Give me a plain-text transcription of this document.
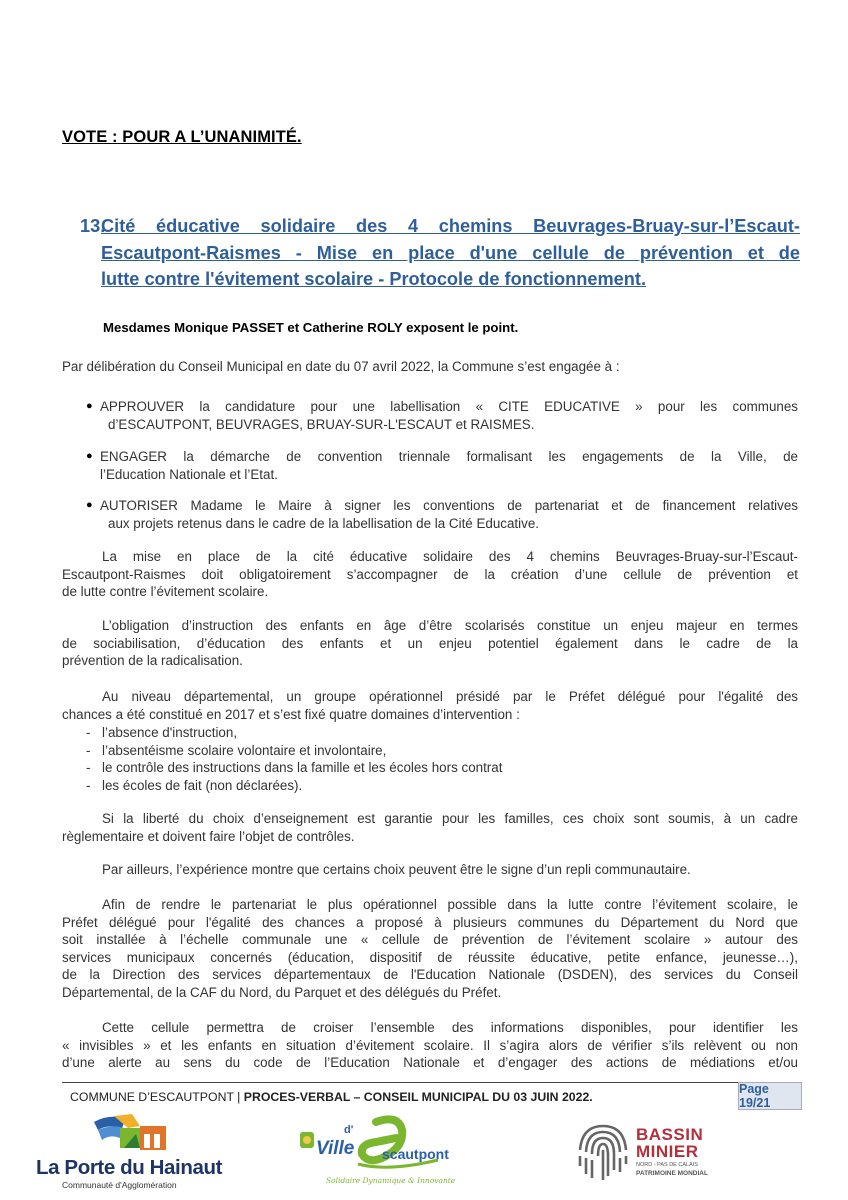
VOTE : POUR A L’UNANIMITÉ.
13.
Cité éducative solidaire des 4 chemins Beuvrages-Bruay-sur-l’Escaut-
Escautpont-Raismes - Mise en place d'une cellule de prévention et de
lutte contre l'évitement scolaire - Protocole de fonctionnement.
Mesdames Monique PASSET et Catherine ROLY exposent le point.
Par délibération du Conseil Municipal en date du 07 avril 2022, la Commune s’est engagée à :
● APPROUVER la candidature pour une labellisation « CITE EDUCATIVE » pour les communes
d’ESCAUTPONT, BEUVRAGES, BRUAY-SUR-L'ESCAUT et RAISMES.
● ENGAGER la démarche de convention triennale formalisant les engagements de la Ville, de
l’Education Nationale et l’Etat.
● AUTORISER Madame le Maire à signer les conventions de partenariat et de financement relatives
aux projets retenus dans le cadre de la labellisation de la Cité Educative.
La mise en place de la cité éducative solidaire des 4 chemins Beuvrages-Bruay-sur-l’Escaut-
Escautpont-Raismes doit obligatoirement s’accompagner de la création d’une cellule de prévention et
de lutte contre l’évitement scolaire.
L’obligation d’instruction des enfants en âge d’être scolarisés constitue un enjeu majeur en termes
de sociabilisation, d’éducation des enfants et un enjeu potentiel également dans le cadre de la
prévention de la radicalisation.
Au niveau départemental, un groupe opérationnel présidé par le Préfet délégué pour l'égalité des
chances a été constitué en 2017 et s’est fixé quatre domaines d’intervention :
- l’absence d'instruction,
- l’absentéisme scolaire volontaire et involontaire,
- le contrôle des instructions dans la famille et les écoles hors contrat
- les écoles de fait (non déclarées).
Si la liberté du choix d’enseignement est garantie pour les familles, ces choix sont soumis, à un cadre
règlementaire et doivent faire l’objet de contrôles.
Par ailleurs, l’expérience montre que certains choix peuvent être le signe d’un repli communautaire.
Afin de rendre le partenariat le plus opérationnel possible dans la lutte contre l’évitement scolaire, le
Préfet délégué pour l'égalité des chances a proposé à plusieurs communes du Département du Nord que
soit installée à l’échelle communale une « cellule de prévention de l’évitement scolaire » autour des
services municipaux concernés (éducation, dispositif de réussite éducative, petite enfance, jeunesse…),
de la Direction des services départementaux de l'Education Nationale (DSDEN), des services du Conseil
Départemental, de la CAF du Nord, du Parquet et des délégués du Préfet.
Cette cellule permettra de croiser l’ensemble des informations disponibles, pour identifier les
« invisibles » et les enfants en situation d’évitement scolaire. Il s’agira alors de vérifier s’ils relèvent ou non
d’une alerte au sens du code de l’Education Nationale et d’engager des actions de médiations et/ou
COMMUNE D’ESCAUTPONT | PROCES-VERBAL – CONSEIL MUNICIPAL DU 03 JUIN 2022.
Page 19/21
La Porte du Hainaut
Communauté d'Agglomération
Ville
d'
scautpont
Solidaire Dynamique & Innovante
BASSIN
MINIER
NORD - PAS DE CALAIS
PATRIMOINE MONDIAL
